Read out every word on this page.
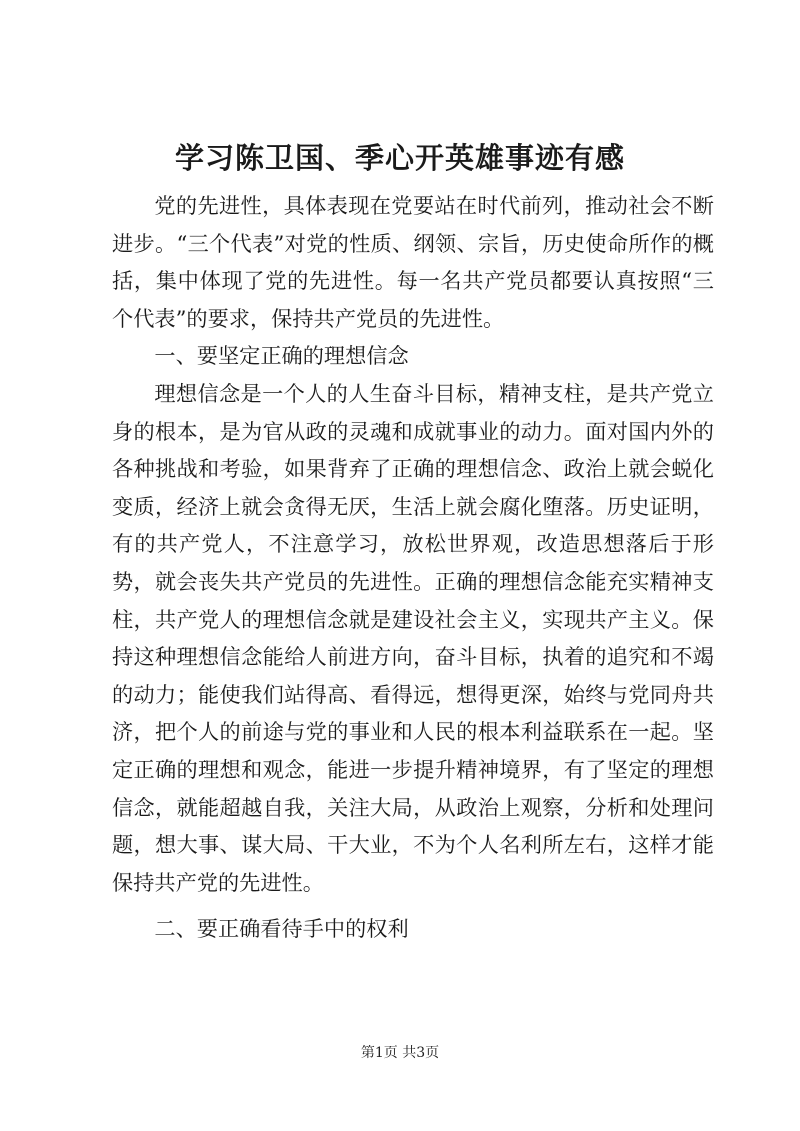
学习陈卫国、季心开英雄事迹有感

党的先进性，具体表现在党要站在时代前列，推动社会不断进步。“三个代表”对党的性质、纲领、宗旨，历史使命所作的概括，集中体现了党的先进性。每一名共产党员都要认真按照“三个代表”的要求，保持共产党员的先进性。

一、要坚定正确的理想信念

理想信念是一个人的人生奋斗目标，精神支柱，是共产党立身的根本，是为官从政的灵魂和成就事业的动力。面对国内外的各种挑战和考验，如果背弃了正确的理想信念、政治上就会蜕化变质，经济上就会贪得无厌，生活上就会腐化堕落。历史证明，有的共产党人，不注意学习，放松世界观，改造思想落后于形势，就会丧失共产党员的先进性。正确的理想信念能充实精神支柱，共产党人的理想信念就是建设社会主义，实现共产主义。保持这种理想信念能给人前进方向，奋斗目标，执着的追究和不竭的动力；能使我们站得高、看得远，想得更深，始终与党同舟共济，把个人的前途与党的事业和人民的根本利益联系在一起。坚定正确的理想和观念，能进一步提升精神境界，有了坚定的理想信念，就能超越自我，关注大局，从政治上观察，分析和处理问题，想大事、谋大局、干大业，不为个人名利所左右，这样才能保持共产党的先进性。

二、要正确看待手中的权利

第1页 共3页
